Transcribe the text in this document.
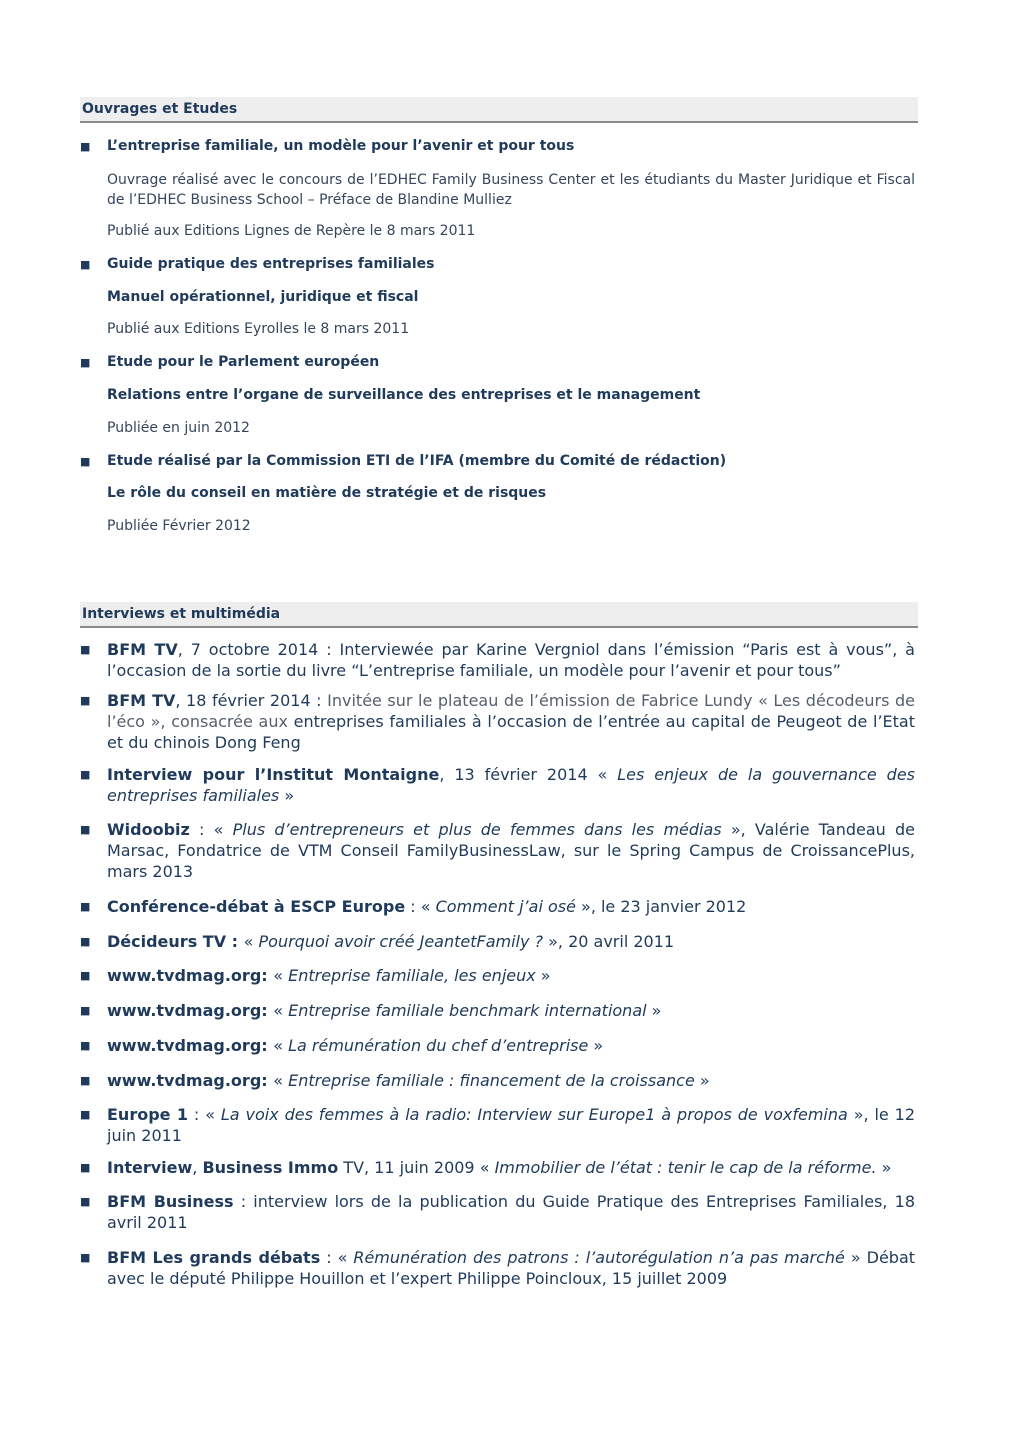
Ouvrages et Etudes
■ L’entreprise familiale, un modèle pour l’avenir et pour tous
Ouvrage réalisé avec le concours de l’EDHEC Family Business Center et les étudiants du Master Juridique et Fiscal de l’EDHEC Business School – Préface de Blandine Mulliez
Publié aux Editions Lignes de Repère le 8 mars 2011
■ Guide pratique des entreprises familiales
Manuel opérationnel, juridique et fiscal
Publié aux Editions Eyrolles le 8 mars 2011
■ Etude pour le Parlement européen
Relations entre l’organe de surveillance des entreprises et le management
Publiée en juin 2012
■ Etude réalisé par la Commission ETI de l’IFA (membre du Comité de rédaction)
Le rôle du conseil en matière de stratégie et de risques
Publiée Février 2012
Interviews et multimédia
■ BFM TV, 7 octobre 2014 : Interviewée par Karine Vergniol dans l’émission “Paris est à vous”, à l’occasion de la sortie du livre “L’entreprise familiale, un modèle pour l’avenir et pour tous”
■ BFM TV, 18 février 2014 : Invitée sur le plateau de l’émission de Fabrice Lundy « Les décodeurs de l’éco », consacrée aux entreprises familiales à l’occasion de l’entrée au capital de Peugeot de l’Etat et du chinois Dong Feng
■ Interview pour l’Institut Montaigne, 13 février 2014 « Les enjeux de la gouvernance des entreprises familiales »
■ Widoobiz : « Plus d’entrepreneurs et plus de femmes dans les médias », Valérie Tandeau de Marsac, Fondatrice de VTM Conseil FamilyBusinessLaw, sur le Spring Campus de CroissancePlus, mars 2013
■ Conférence-débat à ESCP Europe : « Comment j’ai osé », le 23 janvier 2012
■ Décideurs TV : « Pourquoi avoir créé JeantetFamily ? », 20 avril 2011
■ www.tvdmag.org: « Entreprise familiale, les enjeux »
■ www.tvdmag.org: « Entreprise familiale benchmark international »
■ www.tvdmag.org: « La rémunération du chef d’entreprise »
■ www.tvdmag.org: « Entreprise familiale : financement de la croissance »
■ Europe 1 : « La voix des femmes à la radio: Interview sur Europe1 à propos de voxfemina », le 12 juin 2011
■ Interview, Business Immo TV, 11 juin 2009 « Immobilier de l’état : tenir le cap de la réforme. »
■ BFM Business : interview lors de la publication du Guide Pratique des Entreprises Familiales, 18 avril 2011
■ BFM Les grands débats : « Rémunération des patrons : l’autorégulation n’a pas marché » Débat avec le député Philippe Houillon et l’expert Philippe Poincloux, 15 juillet 2009
